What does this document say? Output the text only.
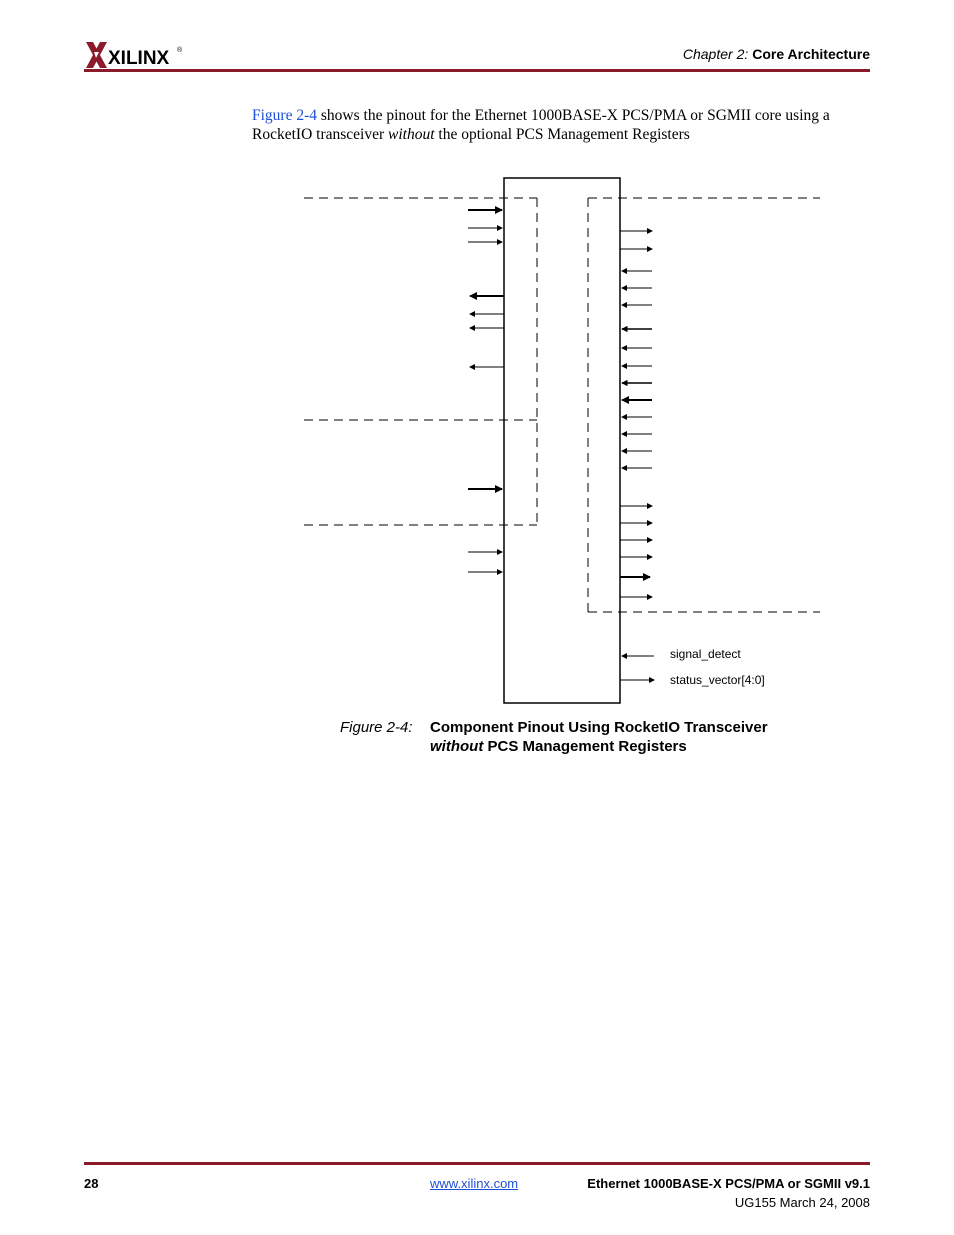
XILINX ®	Chapter 2: Core Architecture
Figure 2-4 shows the pinout for the Ethernet 1000BASE-X PCS/PMA or SGMII core using a RocketIO transceiver without the optional PCS Management Registers
signal_detect
status_vector[4:0]
Figure 2-4: Component Pinout Using RocketIO Transceiver
without PCS Management Registers
28	www.xilinx.com	Ethernet 1000BASE-X PCS/PMA or SGMII v9.1
UG155 March 24, 2008
